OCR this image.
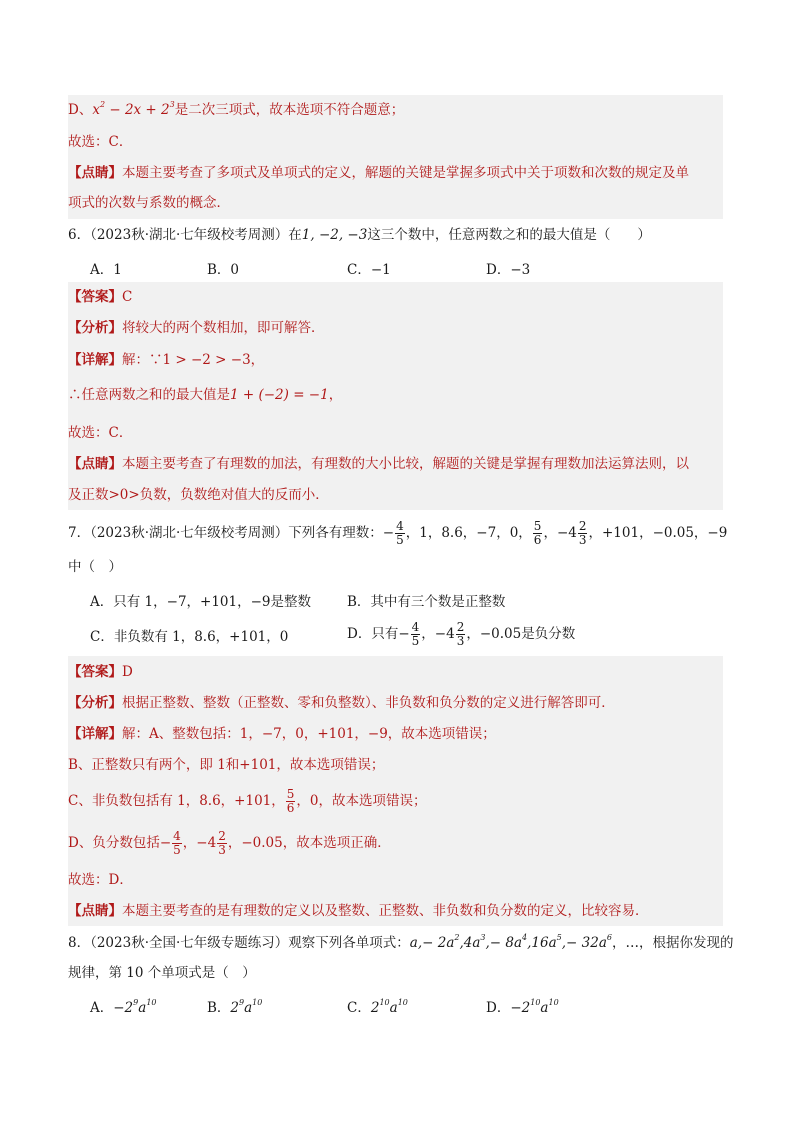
D、$x^2 - 2x + 2^3$是二次三项式，故本选项不符合题意；
故选：C．
【点睛】本题主要考查了多项式及单项式的定义，解题的关键是掌握多项式中关于项数和次数的规定及单
项式的次数与系数的概念．
6．（2023秋·湖北·七年级校考周测）在1, −2, −3这三个数中，任意两数之和的最大值是（　　）
A．1	B．0	C．−1	D．−3
【答案】C
【分析】将较大的两个数相加，即可解答．
【详解】解：∵1 > −2 > −3，
∴任意两数之和的最大值是1 + (−2) = −1，
故选：C．
【点睛】本题主要考查了有理数的加法，有理数的大小比较，解题的关键是掌握有理数加法运算法则，以
及正数>0>负数，负数绝对值大的反而小．
7．（2023秋·湖北·七年级校考周测）下列各有理数：− $\frac{4}{5}$ ，1，8.6，−7，0， $\frac{5}{6}$ ，$-4 \frac{2}{3}$ ，+101，−0.05，−9
中（　）
A．只有 1，−7，+101，−9是整数	B．其中有三个数是正整数
C．非负数有 1，8.6，+101，0	D．只有− $\frac{4}{5}$ ，$-4 \frac{2}{3}$ ，−0.05是负分数
【答案】D
【分析】根据正整数、整数（正整数、零和负整数）、非负数和负分数的定义进行解答即可．
【详解】解：A、整数包括：1，−7，0，+101，−9，故本选项错误；
B、正整数只有两个，即 1和+101，故本选项错误；
C、非负数包括有 1，8.6，+101， $\frac{5}{6}$ ，0，故本选项错误；
D、负分数包括− $\frac{4}{5}$ ，$-4 \frac{2}{3}$ ，−0.05，故本选项正确．
故选：D．
【点睛】本题主要考查的是有理数的定义以及整数、正整数、非负数和负分数的定义，比较容易．
8．（2023秋·全国·七年级专题练习）观察下列各单项式：$a,- 2a^2,4a^3,- 8a^4,16a^5,- 32a^6$，…，根据你发现的
规律，第 10 个单项式是（　）
A．$-2^9a^{10}$	B．$2^9a^{10}$	C．$2^{10}a^{10}$	D．$-2^{10}a^{10}$
